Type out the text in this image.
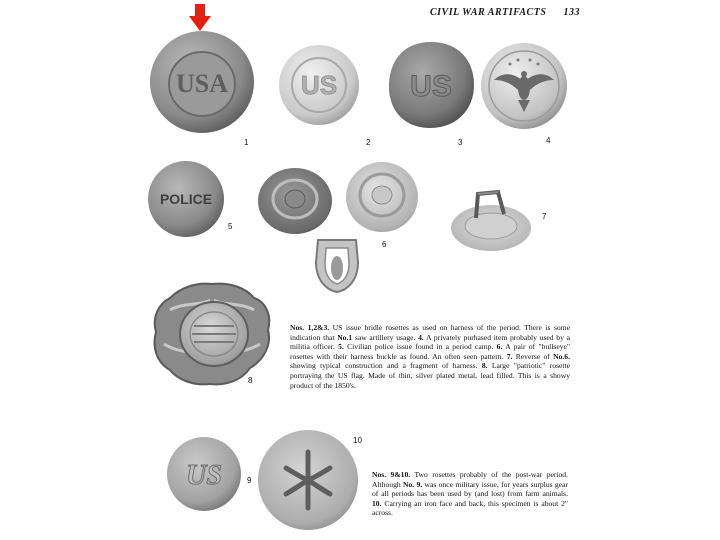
CIVIL WAR ARTIFACTS 133
USA
1
US
2
US
3	4
POLICE
5
6
7
8

Nos. 1,2&3. US issue bridle rosettes as used on harness of the period. There is some indication that No.1 saw artillery usage. 4. A privately purhased item probably used by a militia officer. 5. Civilian police issue found in a period camp. 6. A pair of "bullseye" rosettes with their harness buckle as found. An often seen pattern. 7. Reverse of No.6. showing typical construction and a fragment of harness. 8. Large "patriotic" rosette portraying the US flag. Made of thin, silver plated metal, lead filled. This is a showy product of the 1850's.

US	9
10

Nos. 9&10. Two rosettes probably of the post-war period. Although No. 9. was once military issue, for years surplus gear of all periods has been used by (and lost) from farm animals. 10. Carrying an iron face and back, this specimen is about 2" across.
